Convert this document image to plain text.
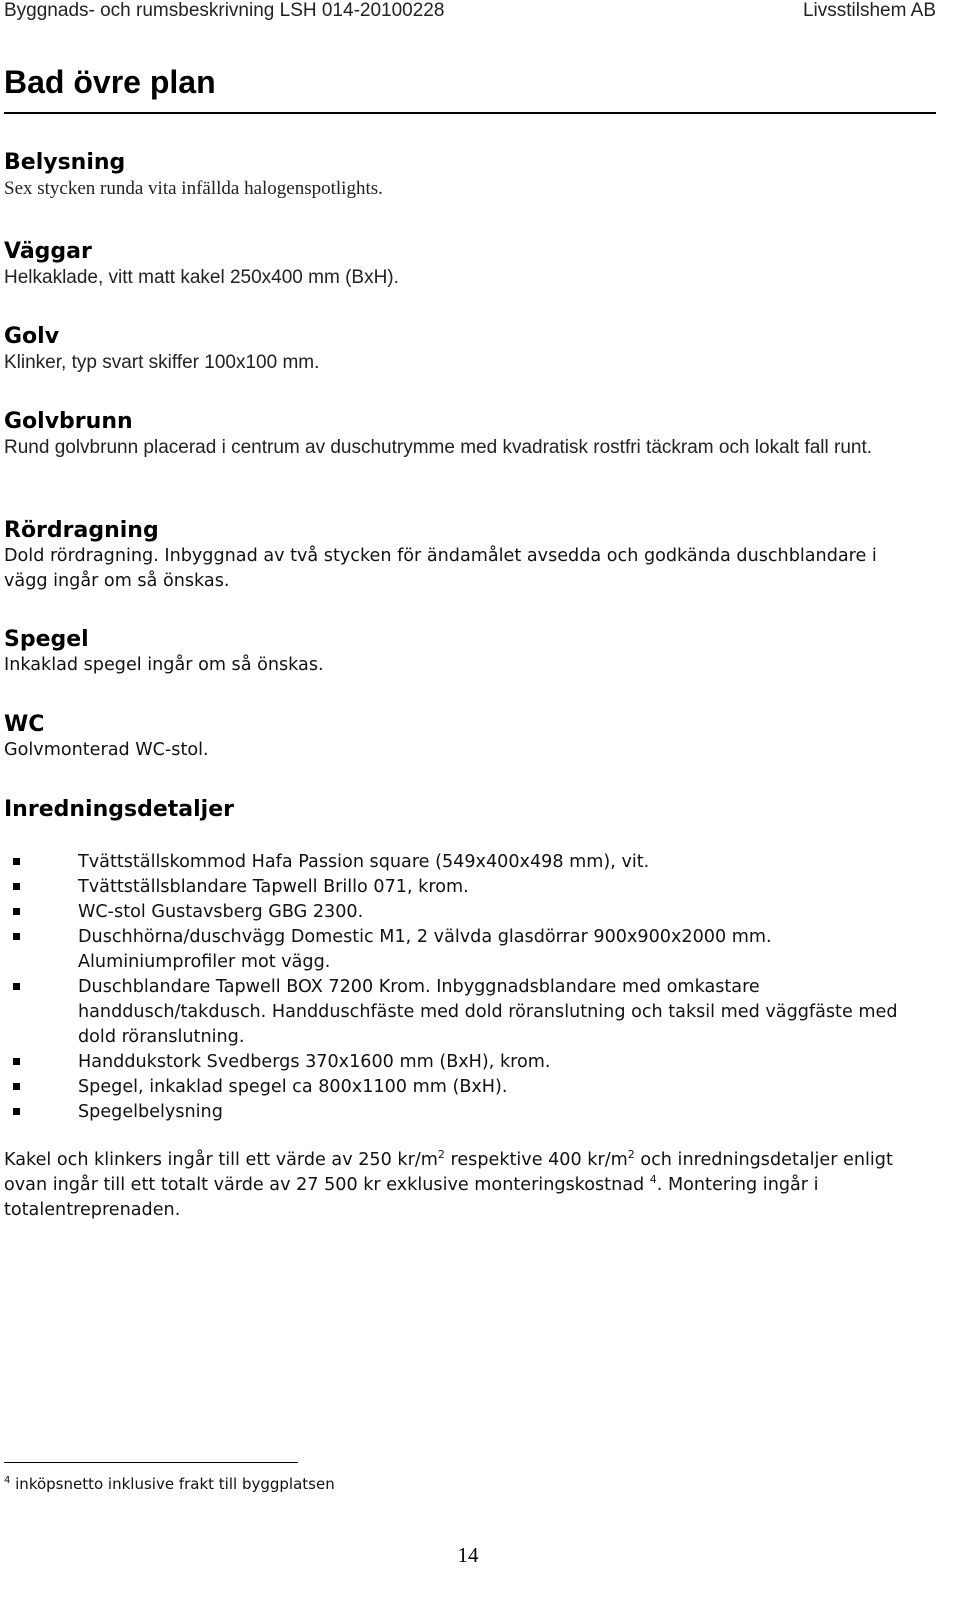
Byggnads- och rumsbeskrivning LSH 014-20100228	Livsstilshem AB
Bad övre plan
Belysning

Sex stycken runda vita infällda halogenspotlights.

Väggar

Helkaklade, vitt matt kakel 250x400 mm (BxH).

Golv

Klinker, typ svart skiffer 100x100 mm.

Golvbrunn

Rund golvbrunn placerad i centrum av duschutrymme med kvadratisk rostfri täckram och lokalt fall runt.

Rördragning

Dold rördragning. Inbyggnad av två stycken för ändamålet avsedda och godkända duschblandare i vägg ingår om så önskas.

Spegel

Inkaklad spegel ingår om så önskas.

WC

Golvmonterad WC-stol.

Inredningsdetaljer
Tvättställskommod Hafa Passion square (549x400x498 mm), vit.
Tvättställsblandare Tapwell Brillo 071, krom.
WC-stol Gustavsberg GBG 2300.
Duschhörna/duschvägg Domestic M1, 2 välvda glasdörrar 900x900x2000 mm. Aluminiumprofiler mot vägg.
Duschblandare Tapwell BOX 7200 Krom. Inbyggnadsblandare med omkastare handdusch/takdusch. Handduschfäste med dold röranslutning och taksil med väggfäste med dold röranslutning.
Handdukstork Svedbergs 370x1600 mm (BxH), krom.
Spegel, inkaklad spegel ca 800x1100 mm (BxH).
Spegelbelysning

Kakel och klinkers ingår till ett värde av 250 $kr/m^2$ respektive 400 $kr/m^2$ och inredningsdetaljer enligt ovan ingår till ett totalt värde av 27 500 kr exklusive monteringskostnad $^4$. Montering ingår i totalentreprenaden.

$^4$ inköpsnetto inklusive frakt till byggplatsen
14
